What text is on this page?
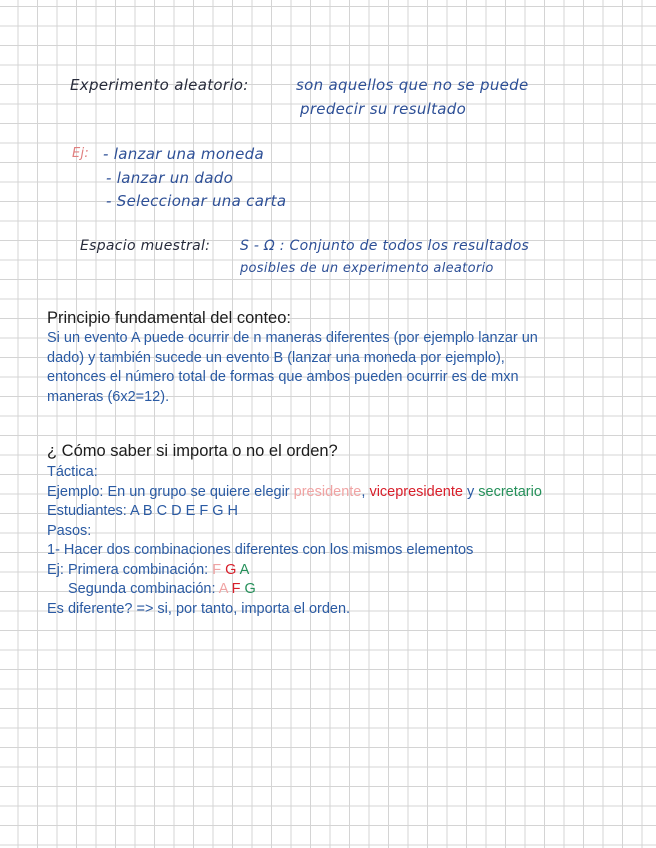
Experimento aleatorio:	son aquellos que no se puede
predecir su resultado
Ej: - lanzar una moneda
- lanzar un dado
- Seleccionar una carta
Espacio muestral: S - Ω : Conjunto de todos los resultados
posibles de un experimento aleatorio
Principio fundamental del conteo:
Si un evento A puede ocurrir de n maneras diferentes (por ejemplo lanzar un
dado) y también sucede un evento B (lanzar una moneda por ejemplo),
entonces el número total de formas que ambos pueden ocurrir es de mxn
maneras (6x2=12).
¿ Cómo saber si importa o no el orden?
Táctica:
Ejemplo: En un grupo se quiere elegir presidente, vicepresidente y secretario
Estudiantes: A B C D E F G H
Pasos:
1- Hacer dos combinaciones diferentes con los mismos elementos
Ej: Primera combinación: F G A
Segunda combinación: A F G
Es diferente? => si, por tanto, importa el orden.
